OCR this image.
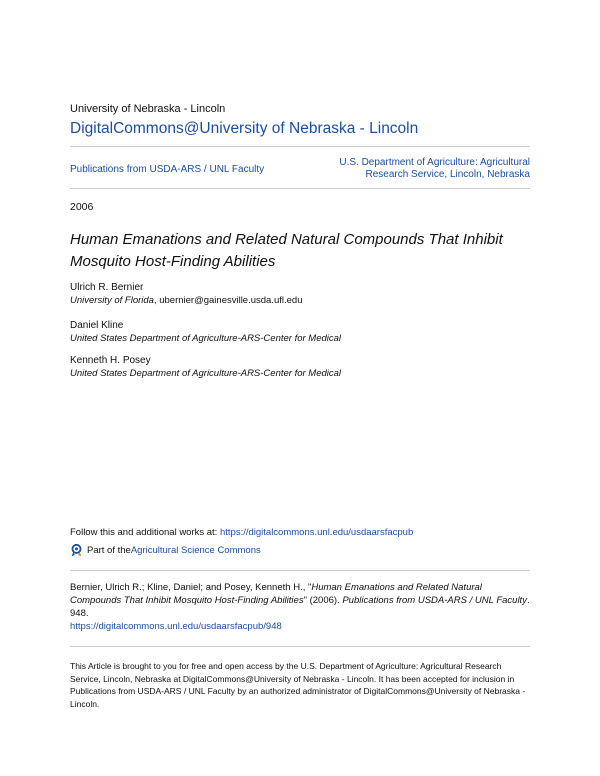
University of Nebraska - Lincoln
DigitalCommons@University of Nebraska - Lincoln
Publications from USDA-ARS / UNL Faculty
U.S. Department of Agriculture: Agricultural
Research Service, Lincoln, Nebraska
2006
Human Emanations and Related Natural Compounds That Inhibit Mosquito Host-Finding Abilities
Ulrich R. Bernier
University of Florida, ubernier@gainesville.usda.ufl.edu
Daniel Kline
United States Department of Agriculture-ARS-Center for Medical
Kenneth H. Posey
United States Department of Agriculture-ARS-Center for Medical
Follow this and additional works at: https://digitalcommons.unl.edu/usdaarsfacpub
Part of the Agricultural Science Commons
Bernier, Ulrich R.; Kline, Daniel; and Posey, Kenneth H., "Human Emanations and Related Natural Compounds That Inhibit Mosquito Host-Finding Abilities" (2006). Publications from USDA-ARS / UNL Faculty. 948.
https://digitalcommons.unl.edu/usdaarsfacpub/948
This Article is brought to you for free and open access by the U.S. Department of Agriculture: Agricultural Research Service, Lincoln, Nebraska at DigitalCommons@University of Nebraska - Lincoln. It has been accepted for inclusion in Publications from USDA-ARS / UNL Faculty by an authorized administrator of DigitalCommons@University of Nebraska - Lincoln.
